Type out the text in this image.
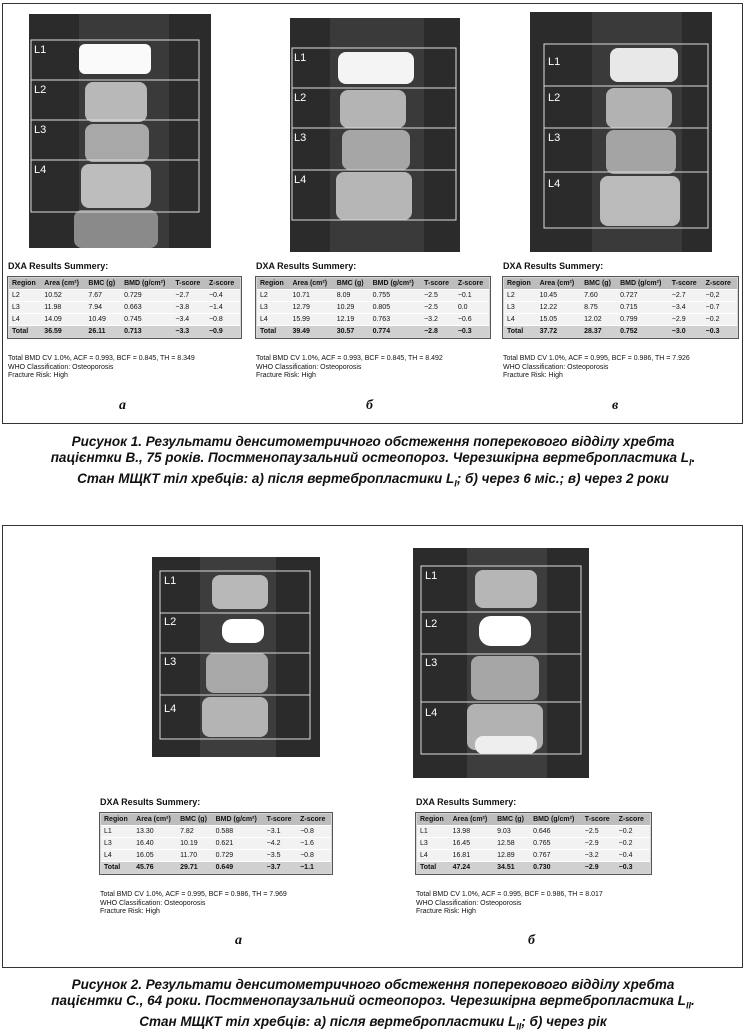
L1
L2
L3
L4
DXA Results Summery:
Region	Area (cm²)	BMC (g)	BMD (g/cm²)	T-score	Z-score
L2	10.52	7.67	0.729	−2.7	−0.4
L3	11.98	7.94	0.663	−3.8	−1.4
L4	14.09	10.49	0.745	−3.4	−0.8
Total	36.59	26.11	0.713	−3.3	−0.9
Total BMD CV 1.0%, ACF = 0.993, BCF = 0.845, TH = 8.349
WHO Classification: Osteoporosis
Fracture Risk: High
а
L1
L2
L3
L4
DXA Results Summery:
Region	Area (cm²)	BMC (g)	BMD (g/cm²)	T-score	Z-score
L2	10.71	8.09	0.755	−2.5	−0.1
L3	12.79	10.29	0.805	−2.5	0.0
L4	15.99	12.19	0.763	−3.2	−0.6
Total	39.49	30.57	0.774	−2.8	−0.3
Total BMD CV 1.0%, ACF = 0.993, BCF = 0.845, TH = 8.492
WHO Classification: Osteoporosis
Fracture Risk: High
б
L1
L2
L3
L4
DXA Results Summery:
Region	Area (cm²)	BMC (g)	BMD (g/cm²)	T-score	Z-score
L2	10.45	7.60	0.727	−2.7	−0,2
L3	12.22	8.75	0.715	−3.4	−0.7
L4	15.05	12.02	0.799	−2.9	−0.2
Total	37.72	28.37	0.752	−3.0	−0.3
Total BMD CV 1.0%, ACF = 0.995, BCF = 0.986, TH = 7.926
WHO Classification: Osteoporosis
Fracture Risk: High
в
Рисунок 1. Результати денситометричного обстеження поперекового відділу хребта
пацієнтки В., 75 років. Постменопаузальний остеопороз. Черезшкірна вертебропластика $L_I$.
Стан МЩКТ тіл хребців: а) після вертебропластики $L_I$; б) через 6 міс.; в) через 2 роки
L1
L2
L3
L4
DXA Results Summery:
Region	Area (cm²)	BMC (g)	BMD (g/cm²)	T-score	Z-score
L1	13.30	7.82	0.588	−3.1	−0.8
L3	16.40	10.19	0.621	−4.2	−1.6
L4	16.05	11.70	0.729	−3.5	−0.8
Total	45.76	29.71	0.649	−3.7	−1.1
Total BMD CV 1.0%, ACF = 0.995, BCF = 0.986, TH = 7.969
WHO Classification: Osteoporosis
Fracture Risk: High
а
L1
L2
L3
L4
DXA Results Summery:
Region	Area (cm²)	BMC (g)	BMD (g/cm²)	T-score	Z-score
L1	13.98	9.03	0.646	−2.5	−0.2
L3	16.45	12.58	0.765	−2.9	−0.2
L4	16.81	12.89	0.767	−3.2	−0.4
Total	47.24	34.51	0.730	−2.9	−0.3
Total BMD CV 1.0%, ACF = 0.995, BCF = 0.986, TH = 8.017
WHO Classification: Osteoporosis
Fracture Risk: High
б
Рисунок 2. Результати денситометричного обстеження поперекового відділу хребта
пацієнтки С., 64 роки. Постменопаузальний остеопороз. Черезшкірна вертебропластика $L_{II}$.
Стан МЩКТ тіл хребців: а) після вертебропластики $L_{II}$; б) через рік
